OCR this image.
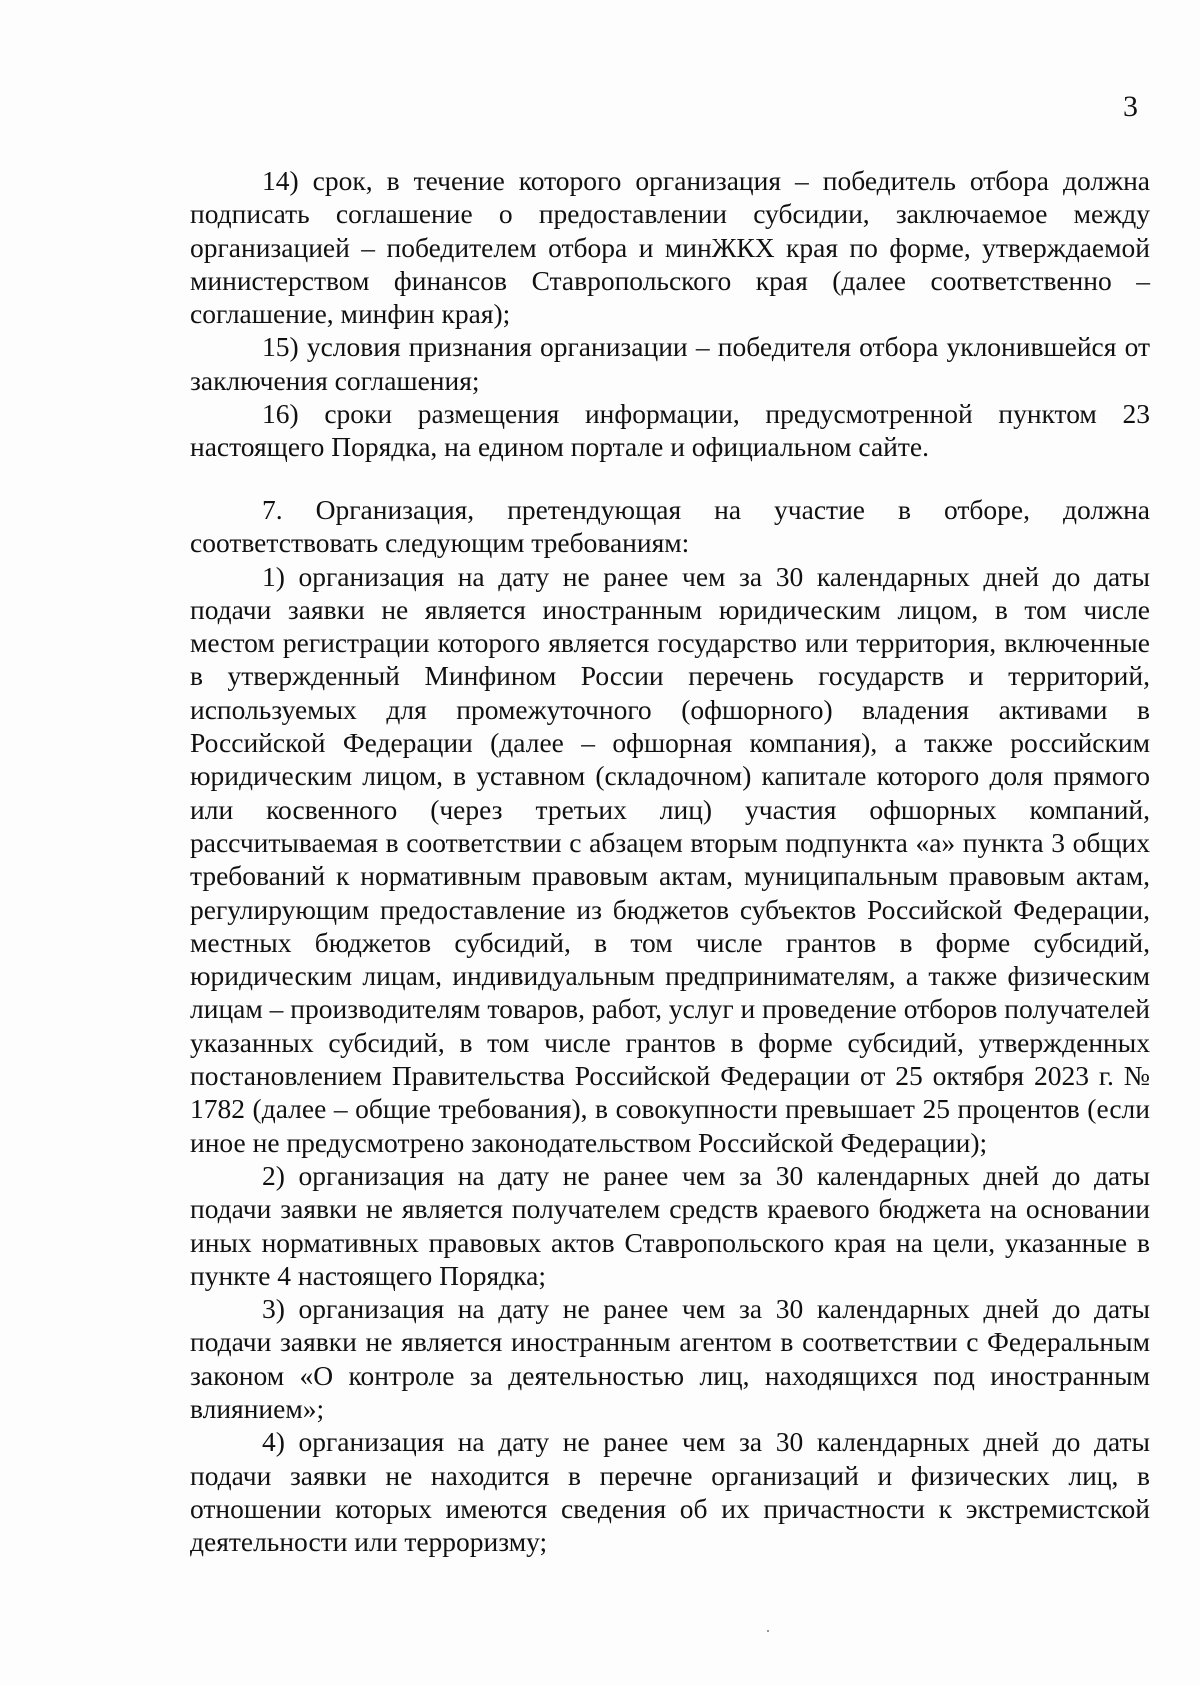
3

14) срок, в течение которого организация – победитель отбора должна подписать соглашение о предоставлении субсидии, заключаемое между организацией – победителем отбора и минЖКХ края по форме, утверждаемой министерством финансов Ставропольского края (далее соответственно – соглашение, минфин края);

15) условия признания организации – победителя отбора уклонившейся от заключения соглашения;

16) сроки размещения информации, предусмотренной пунктом 23 настоящего Порядка, на едином портале и официальном сайте.

7. Организация, претендующая на участие в отборе, должна соответствовать следующим требованиям:

1) организация на дату не ранее чем за 30 календарных дней до даты подачи заявки не является иностранным юридическим лицом, в том числе местом регистрации которого является государство или территория, включенные в утвержденный Минфином России перечень государств и территорий, используемых для промежуточного (офшорного) владения активами в Российской Федерации (далее – офшорная компания), а также российским юридическим лицом, в уставном (складочном) капитале которого доля прямого или косвенного (через третьих лиц) участия офшорных компаний, рассчитываемая в соответствии с абзацем вторым подпункта «а» пункта 3 общих требований к нормативным правовым актам, муниципальным правовым актам, регулирующим предоставление из бюджетов субъектов Российской Федерации, местных бюджетов субсидий, в том числе грантов в форме субсидий, юридическим лицам, индивидуальным предпринимателям, а также физическим лицам – производителям товаров, работ, услуг и проведение отборов получателей указанных субсидий, в том числе грантов в форме субсидий, утвержденных постановлением Правительства Российской Федерации от 25 октября 2023 г. № 1782 (далее – общие требования), в совокупности превышает 25 процентов (если иное не предусмотрено законодательством Российской Федерации);

2) организация на дату не ранее чем за 30 календарных дней до даты подачи заявки не является получателем средств краевого бюджета на основании иных нормативных правовых актов Ставропольского края на цели, указанные в пункте 4 настоящего Порядка;

3) организация на дату не ранее чем за 30 календарных дней до даты подачи заявки не является иностранным агентом в соответствии с Федеральным законом «О контроле за деятельностью лиц, находящихся под иностранным влиянием»;

4) организация на дату не ранее чем за 30 календарных дней до даты подачи заявки не находится в перечне организаций и физических лиц, в отношении которых имеются сведения об их причастности к экстремистской деятельности или терроризму;
